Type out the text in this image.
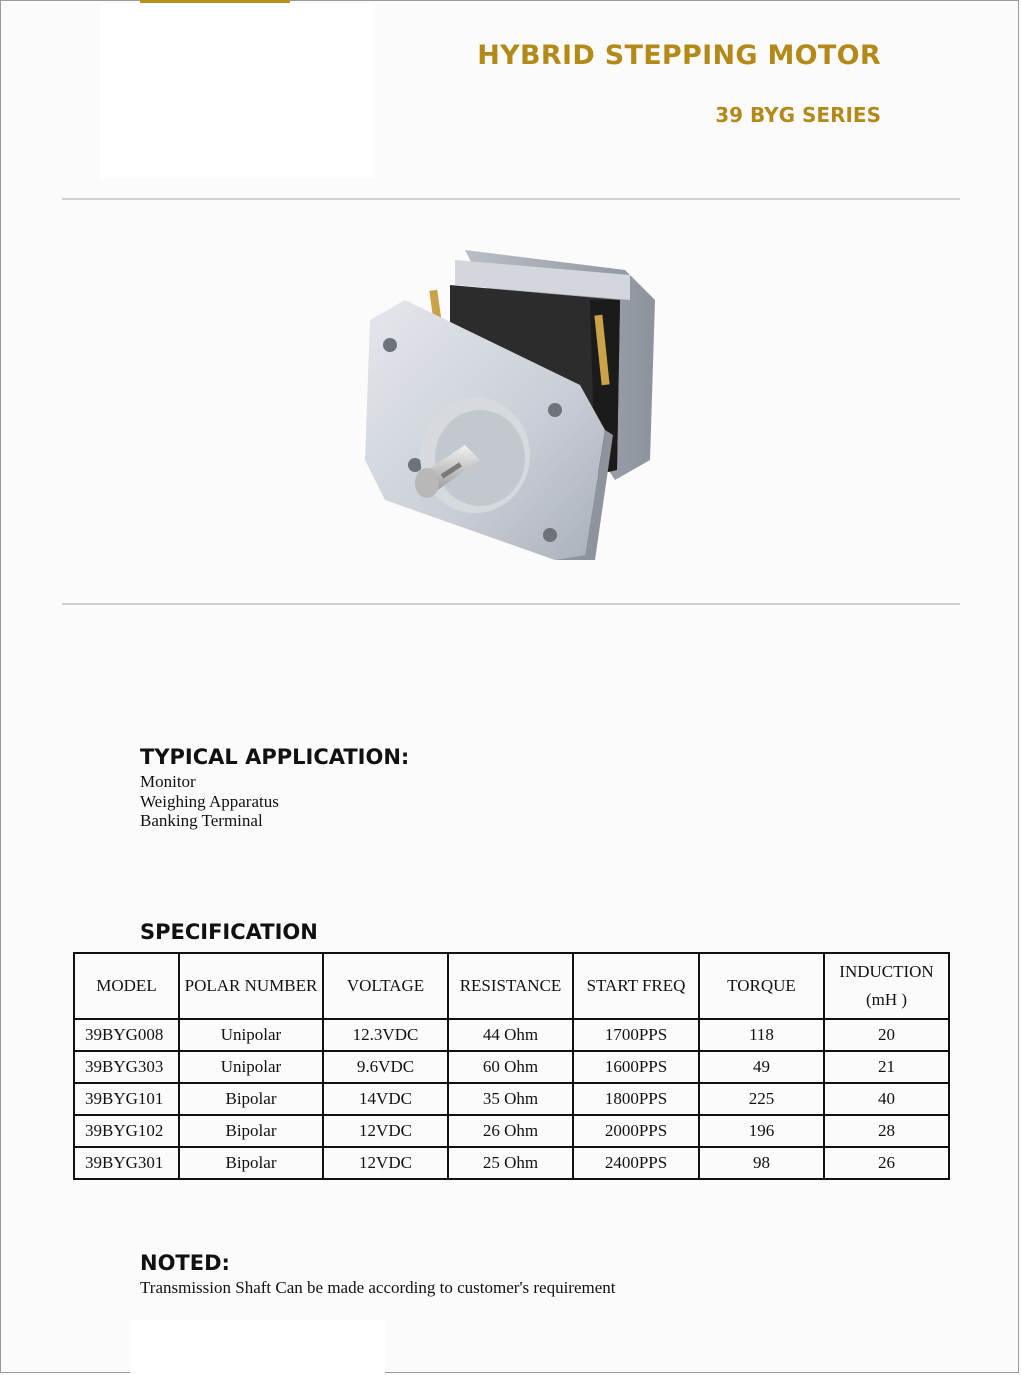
HYBRID STEPPING MOTOR
39 BYG SERIES
TYPICAL APPLICATION:
Monitor
Weighing Apparatus
Banking Terminal
SPECIFICATION
MODEL	POLAR NUMBER	VOLTAGE	RESISTANCE	START FREQ	TORQUE	INDUCTION
(mH )
39BYG008	Unipolar	12.3VDC	44 Ohm	1700PPS	118	20
39BYG303	Unipolar	9.6VDC	60 Ohm	1600PPS	49	21
39BYG101	Bipolar	14VDC	35 Ohm	1800PPS	225	40
39BYG102	Bipolar	12VDC	26 Ohm	2000PPS	196	28
39BYG301	Bipolar	12VDC	25 Ohm	2400PPS	98	26
NOTED:
Transmission Shaft Can be made according to customer's requirement
